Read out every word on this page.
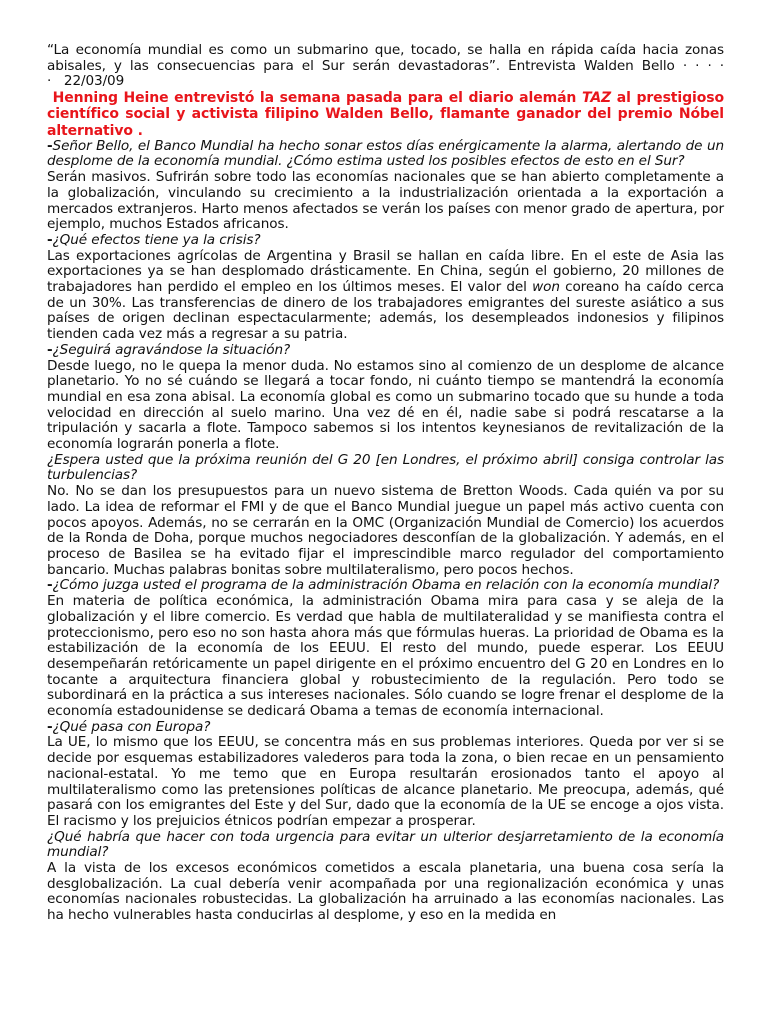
“La economía mundial es como un submarino que, tocado, se halla en rápida caída hacia zonas abisales, y las consecuencias para el Sur serán devastadoras”. Entrevista Walden Bello · · · · · 22/03/09

Henning Heine entrevistó la semana pasada para el diario alemán TAZ al prestigioso científico social y activista filipino Walden Bello, flamante ganador del premio Nóbel alternativo .

-Señor Bello, el Banco Mundial ha hecho sonar estos días enérgicamente la alarma, alertando de un desplome de la economía mundial. ¿Cómo estima usted los posibles efectos de esto en el Sur?

Serán masivos. Sufrirán sobre todo las economías nacionales que se han abierto completamente a la globalización, vinculando su crecimiento a la industrialización orientada a la exportación a mercados extranjeros. Harto menos afectados se verán los países con menor grado de apertura, por ejemplo, muchos Estados africanos.

-¿Qué efectos tiene ya la crisis?

Las exportaciones agrícolas de Argentina y Brasil se hallan en caída libre. En el este de Asia las exportaciones ya se han desplomado drásticamente. En China, según el gobierno, 20 millones de trabajadores han perdido el empleo en los últimos meses. El valor del won coreano ha caído cerca de un 30%. Las transferencias de dinero de los trabajadores emigrantes del sureste asiático a sus países de origen declinan espectacularmente; además, los desempleados indonesios y filipinos tienden cada vez más a regresar a su patria.

-¿Seguirá agravándose la situación?

Desde luego, no le quepa la menor duda. No estamos sino al comienzo de un desplome de alcance planetario. Yo no sé cuándo se llegará a tocar fondo, ni cuánto tiempo se mantendrá la economía mundial en esa zona abisal. La economía global es como un submarino tocado que su hunde a toda velocidad en dirección al suelo marino. Una vez dé en él, nadie sabe si podrá rescatarse a la tripulación y sacarla a flote. Tampoco sabemos si los intentos keynesianos de revitalización de la economía lograrán ponerla a flote.

¿Espera usted que la próxima reunión del G 20 [en Londres, el próximo abril] consiga controlar las turbulencias?

No. No se dan los presupuestos para un nuevo sistema de Bretton Woods. Cada quién va por su lado. La idea de reformar el FMI y de que el Banco Mundial juegue un papel más activo cuenta con pocos apoyos. Además, no se cerrarán en la OMC (Organización Mundial de Comercio) los acuerdos de la Ronda de Doha, porque muchos negociadores desconfían de la globalización. Y además, en el proceso de Basilea se ha evitado fijar el imprescindible marco regulador del comportamiento bancario. Muchas palabras bonitas sobre multilateralismo, pero pocos hechos.

-¿Cómo juzga usted el programa de la administración Obama en relación con la economía mundial?

En materia de política económica, la administración Obama mira para casa y se aleja de la globalización y el libre comercio. Es verdad que habla de multilateralidad y se manifiesta contra el proteccionismo, pero eso no son hasta ahora más que fórmulas hueras. La prioridad de Obama es la estabilización de la economía de los EEUU. El resto del mundo, puede esperar. Los EEUU desempeñarán retóricamente un papel dirigente en el próximo encuentro del G 20 en Londres en lo tocante a arquitectura financiera global y robustecimiento de la regulación. Pero todo se subordinará en la práctica a sus intereses nacionales. Sólo cuando se logre frenar el desplome de la economía estadounidense se dedicará Obama a temas de economía internacional.

-¿Qué pasa con Europa?

La UE, lo mismo que los EEUU, se concentra más en sus problemas interiores. Queda por ver si se decide por esquemas estabilizadores valederos para toda la zona, o bien recae en un pensamiento nacional-estatal. Yo me temo que en Europa resultarán erosionados tanto el apoyo al multilateralismo como las pretensiones políticas de alcance planetario. Me preocupa, además, qué pasará con los emigrantes del Este y del Sur, dado que la economía de la UE se encoge a ojos vista. El racismo y los prejuicios étnicos podrían empezar a prosperar.

¿Qué habría que hacer con toda urgencia para evitar un ulterior desjarretamiento de la economía mundial?

A la vista de los excesos económicos cometidos a escala planetaria, una buena cosa sería la desglobalización. La cual debería venir acompañada por una regionalización económica y unas economías nacionales robustecidas. La globalización ha arruinado a las economías nacionales. Las ha hecho vulnerables hasta conducirlas al desplome, y eso en la medida en
